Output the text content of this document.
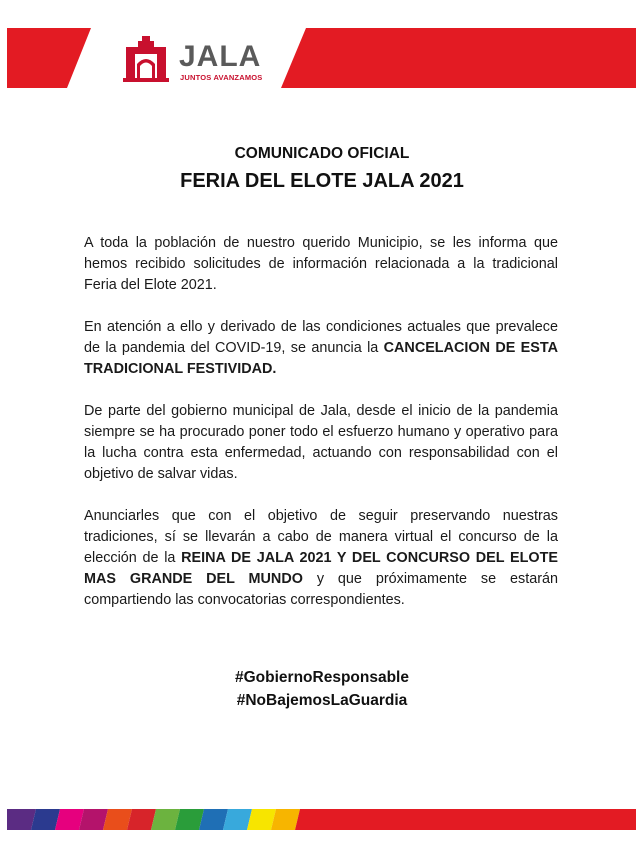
JALA
JUNTOS AVANZAMOS
COMUNICADO OFICIAL
FERIA DEL ELOTE JALA 2021

A toda la población de nuestro querido Municipio, se les informa que hemos recibido solicitudes de información relacionada a la tradicional Feria del Elote 2021.

En atención a ello y derivado de las condiciones actuales que prevalece de la pandemia del COVID-19, se anuncia la CANCELACION DE ESTA TRADICIONAL FESTIVIDAD.

De parte del gobierno municipal de Jala, desde el inicio de la pandemia siempre se ha procurado poner todo el esfuerzo humano y operativo para la lucha contra esta enfermedad, actuando con responsabilidad con el objetivo de salvar vidas.

Anunciarles que con el objetivo de seguir preservando nuestras tradiciones, sí se llevarán a cabo de manera virtual el concurso de la elección de la REINA DE JALA 2021 Y DEL CONCURSO DEL ELOTE MAS GRANDE DEL MUNDO y que próximamente se estarán compartiendo las convocatorias correspondientes.

#GobiernoResponsable
#NoBajemosLaGuardia
